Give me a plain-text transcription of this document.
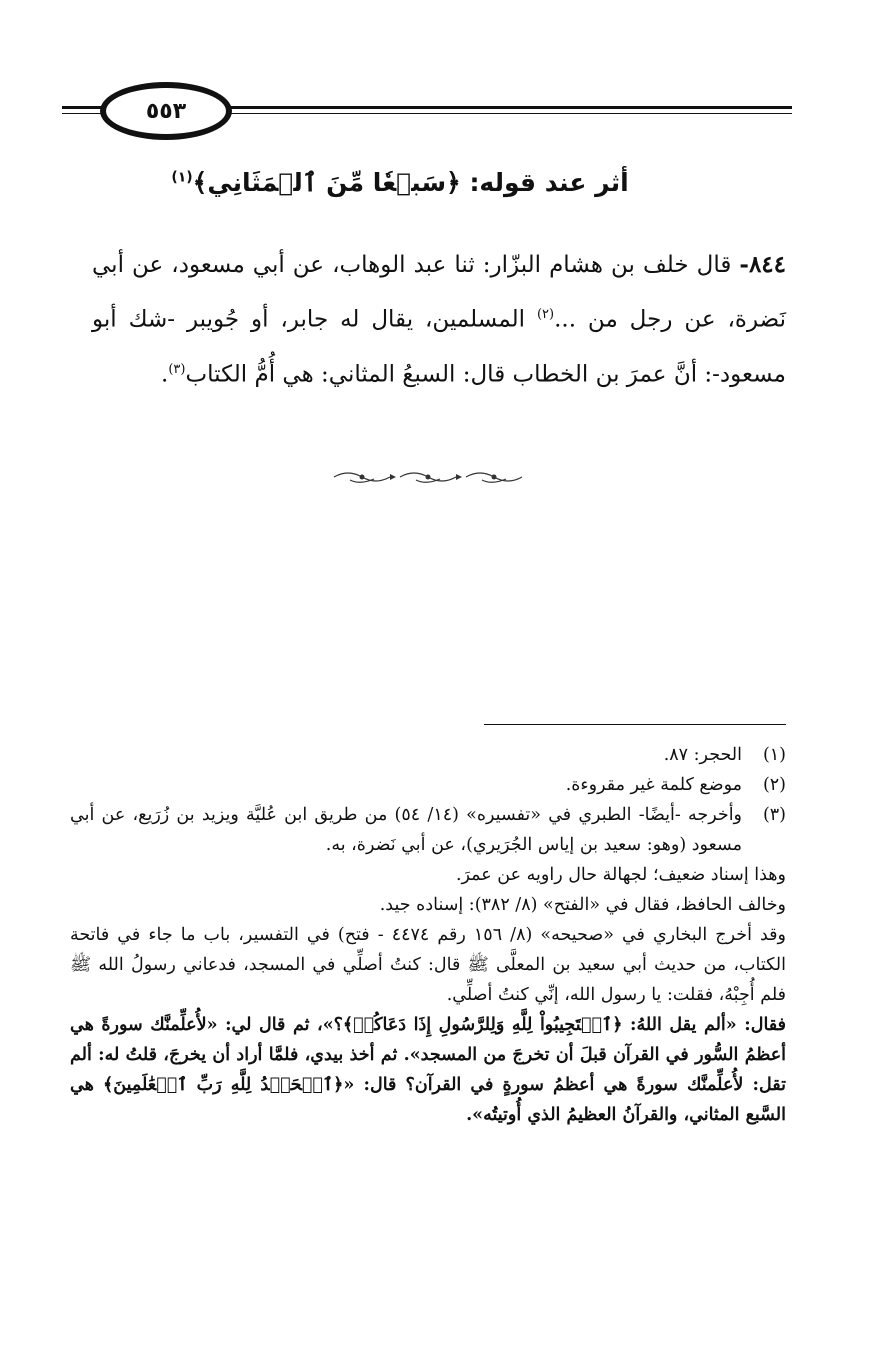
٥٥٣
أثر عند قوله: ﴿سَبۡعٗا مِّنَ ٱلۡمَثَانِي﴾$^{(١)}$
٨٤٤- قال خلف بن هشام البزّار: ثنا عبد الوهاب، عن أبي مسعود، عن أبي نَضرة، عن رجل من ...$^{(٢)}$ المسلمين، يقال له جابر، أو جُويبر -شك أبو مسعود-: أنَّ عمرَ بن الخطاب قال: السبعُ المثاني: هي أُمُّ الكتاب$^{(٣)}$.
(١)
الحجر: ٨٧.
(٢)
موضع كلمة غير مقروءة.
(٣)
وأخرجه -أيضًا- الطبري في «تفسيره» (١٤/ ٥٤) من طريق ابن عُليَّة ويزيد بن زُرَيع، عن أبي مسعود (وهو: سعيد بن إياس الجُرَيري)، عن أبي نَضرة، به.
وهذا إسناد ضعيف؛ لجهالة حال راويه عن عمرَ.
وخالف الحافظ، فقال في «الفتح» (٨/ ٣٨٢): إسناده جيد.
وقد أخرج البخاري في «صحيحه» (٨/ ١٥٦ رقم ٤٤٧٤ - فتح) في التفسير، باب ما جاء في فاتحة الكتاب، من حديث أبي سعيد بن المعلَّى ﷺ قال: كنتُ أصلِّي في المسجد، فدعاني رسولُ الله ﷺ فلم أُجِبْهُ، فقلت: يا رسول الله، إنِّي كنتُ أصلِّي.
فقال: «ألم يقل اللهُ: ﴿ٱسۡتَجِيبُواْ لِلَّهِ وَلِلرَّسُولِ إِذَا دَعَاكُمۡ﴾؟»، ثم قال لي: «لأُعلِّمنَّك سورةً هي أعظمُ السُّور في القرآن قبلَ أن تخرجَ من المسجد». ثم أخذ بيدي، فلمَّا أراد أن يخرجَ، قلتُ له: ألم تقل: لأُعلِّمنَّك سورةً هي أعظمُ سورةٍ في القرآن؟ قال: «﴿ٱلۡحَمۡدُ لِلَّهِ رَبِّ ٱلۡعَٰلَمِينَ﴾ هي السَّبع المثاني، والقرآنُ العظيمُ الذي أُوتيتُه».
